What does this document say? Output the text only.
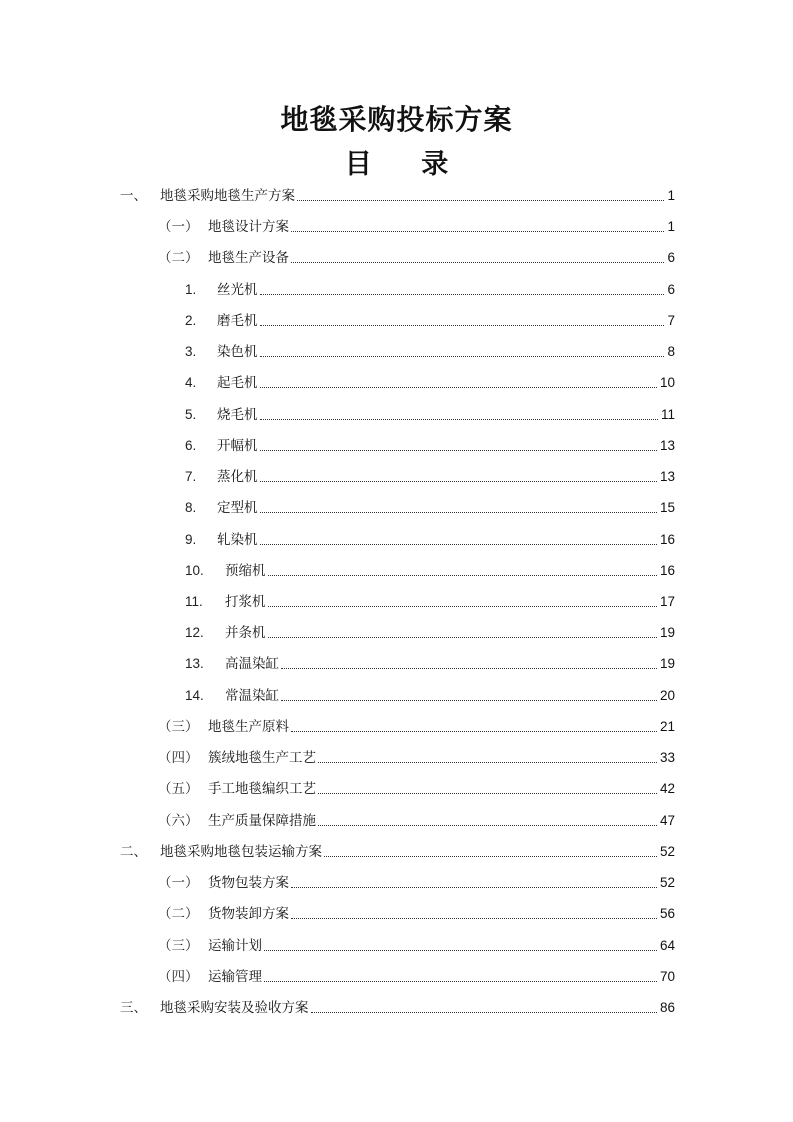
地毯采购投标方案
目 录
一、 地毯采购地毯生产方案	1
（一） 地毯设计方案	1
（二） 地毯生产设备	6
1.	丝光机	6
2.	磨毛机	7
3.	染色机	8
4.	起毛机	10
5.	烧毛机	11
6.	开幅机	13
7.	蒸化机	13
8.	定型机	15
9.	轧染机	16
10.	预缩机	16
11.	打浆机	17
12.	并条机	19
13.	高温染缸	19
14.	常温染缸	20
（三） 地毯生产原料	21
（四） 簇绒地毯生产工艺	33
（五） 手工地毯编织工艺	42
（六） 生产质量保障措施	47
二、 地毯采购地毯包装运输方案	52
（一） 货物包装方案	52
（二） 货物装卸方案	56
（三） 运输计划	64
（四） 运输管理	70
三、 地毯采购安装及验收方案	86
